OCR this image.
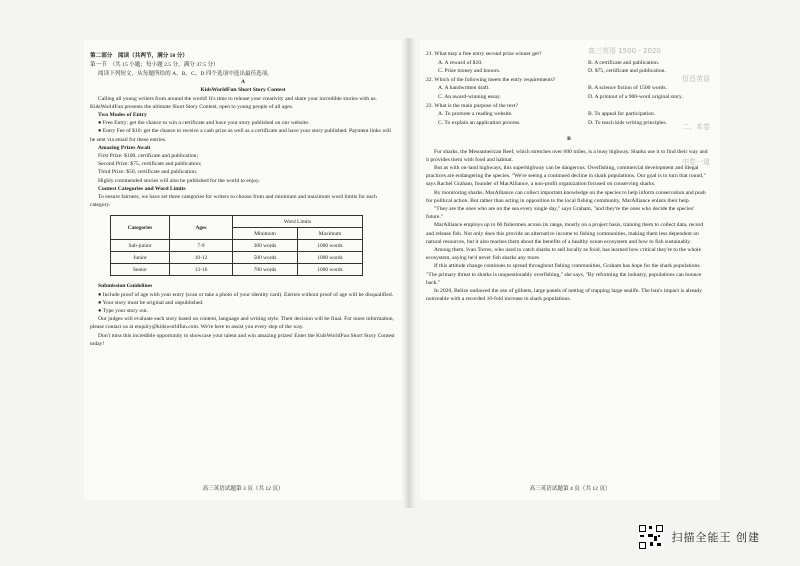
第二部分　阅读（共两节，满分 50 分）

第一节　（共 15 小题；每小题 2.5 分，满分 37.5 分）

阅读下列短文，从每题所给的 A、B、C、D 四个选项中选出最佳选项。

A

KidsWorldFun Short Story Contest

Calling all young writers from around the world! It's time to release your creativity and share your incredible stories with us. KidsWorldFun presents the ultimate Short Story Contest, open to young people of all ages.

Two Modes of Entry

● Free Entry: get the chance to win a certificate and have your story published on our website.

● Entry Fee of $10: get the chance to receive a cash prize as well as a certificate and have your story published. Payment links will be sent via email for these entries.

Amazing Prizes Await

First Prize: $100, certificate and publication;

Second Prize: $75, certificate and publication;

Third Prize: $50, certificate and publication.

Highly commended stories will also be published for the world to enjoy.

Contest Categories and Word Limits

To ensure fairness, we have set three categories for writers to choose from and minimum and maximum word limits for each category.

Categories	Ages	Word Limits	
		Minimum	Maximum
Sub-junior	7-9	300 words	1000 words
Junior	10-12	500 words	1000 words
Senior	13-16	700 words	1000 words

Submission Guidelines

● Include proof of age with your entry (scan or take a photo of your identity card). Entries without proof of age will be disqualified.

● Your story must be original and unpublished.

● Type your story out.

Our judges will evaluate each story based on content, language and writing style. Their decision will be final. For more information, please contact us at enquiry@kidsworldfun.com. We're here to assist you every step of the way.

Don't miss this incredible opportunity to showcase your talent and win amazing prizes! Enter the KidsWorldFun Short Story Contest today!

高三英语试题第 3 页（共 12 页）
高三英语 1500 - 2020
恒昌英语
二、本卷
中卷一道

21. What may a free entry second prize winner get?

A. A reward of $10.	B. A certificate and publication.
C. Prize money and honors.	D. $75, certificate and publication.

22. Which of the following meets the entry requirements?

A. A handwritten draft.	B. A science fiction of 1500 words.
C. An award-winning essay.	D. A printout of a 900-word original story.

23. What is the main purpose of the text?

A. To promote a reading website.	B. To appeal for participation.
C. To explain an application process.	D. To teach kids writing principles.

B

For sharks, the Mesoamerican Reef, which stretches over 600 miles, is a busy highway. Sharks use it to find their way and it provides them with food and habitat.

But as with on-land highways, this superhighway can be dangerous. Overfishing, commercial development and illegal practices are endangering the species. "We're seeing a continued decline in shark populations. Our goal is to turn that round," says Rachel Graham, founder of MarAlliance, a non-profit organization focused on conserving sharks.

By monitoring sharks, MarAlliance can collect important knowledge on the species to help inform conservation and push for political action. But rather than acting in opposition to the local fishing community, MarAlliance enlists their help.

"They are the ones who are on the sea every single day," says Graham, "and they're the ones who decide the species' future."

MarAlliance employs up to 60 fishermen across its range, mostly on a project basis, training them to collect data, record and release fish. Not only does this provide an alternative income to fishing communities, making them less dependent on natural resources, but it also teaches them about the benefits of a healthy ocean ecosystem and how to fish sustainably.

Among them, Ivan Torres, who used to catch sharks to sell locally as food, has learned how critical they're to the whole ecosystem, saying he'd never fish sharks any more.

If this attitude change continues to spread throughout fishing communities, Graham has hope for the shark populations. "The primary threat to sharks is unquestionably overfishing," she says, "By reforming the industry, populations can bounce back."

In 2020, Belize outlawed the use of gillnets, large panels of netting of trapping large sealife. The ban's impact is already noticeable with a recorded 10-fold increase in shark populations.

高三英语试题第 4 页（共 12 页）
扫描全能王 创建
